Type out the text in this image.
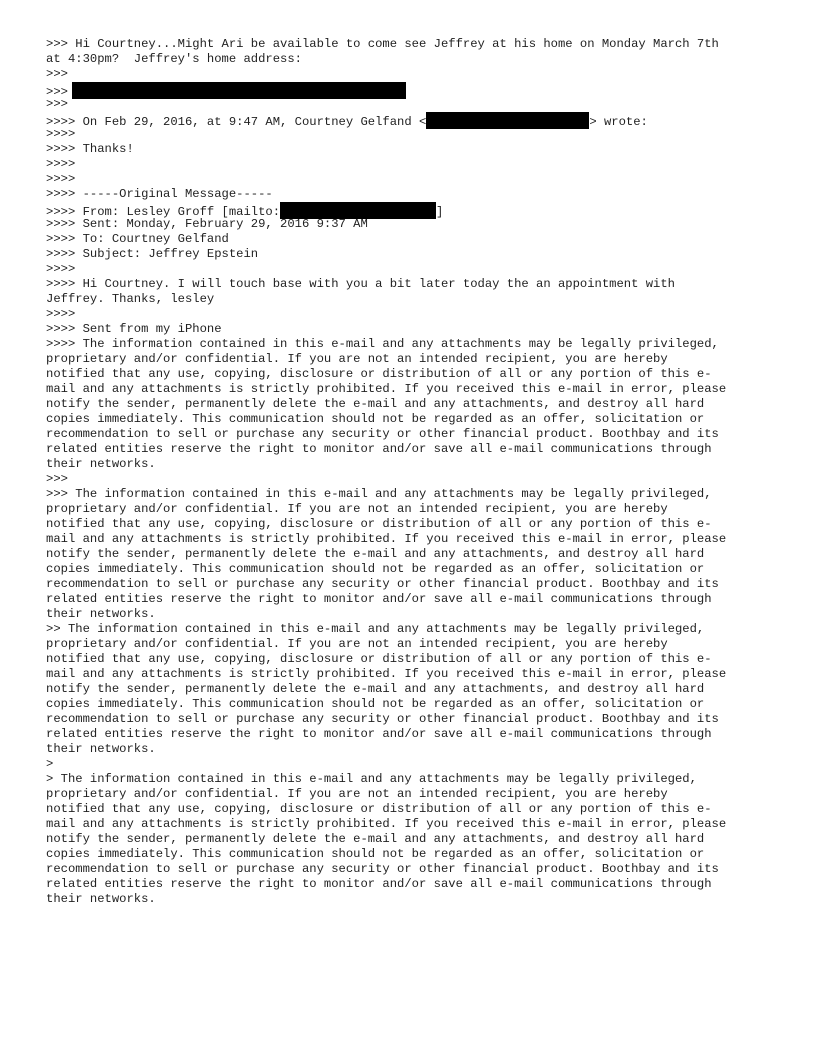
>>> Hi Courtney...Might Ari be available to come see Jeffrey at his home on Monday March 7th
at 4:30pm?  Jeffrey's home address:
>>>
>>>
>>>
>>>> On Feb 29, 2016, at 9:47 AM, Courtney Gelfand <	> wrote:
>>>>
>>>> Thanks!
>>>>
>>>>
>>>> -----Original Message-----
>>>> From: Lesley Groff [mailto:	]
>>>> Sent: Monday, February 29, 2016 9:37 AM
>>>> To: Courtney Gelfand
>>>> Subject: Jeffrey Epstein
>>>>
>>>> Hi Courtney. I will touch base with you a bit later today the an appointment with
Jeffrey. Thanks, lesley
>>>>
>>>> Sent from my iPhone
>>>> The information contained in this e-mail and any attachments may be legally privileged,
proprietary and/or confidential. If you are not an intended recipient, you are hereby
notified that any use, copying, disclosure or distribution of all or any portion of this e-
mail and any attachments is strictly prohibited. If you received this e-mail in error, please
notify the sender, permanently delete the e-mail and any attachments, and destroy all hard
copies immediately. This communication should not be regarded as an offer, solicitation or
recommendation to sell or purchase any security or other financial product. Boothbay and its
related entities reserve the right to monitor and/or save all e-mail communications through
their networks.
>>>
>>> The information contained in this e-mail and any attachments may be legally privileged,
proprietary and/or confidential. If you are not an intended recipient, you are hereby
notified that any use, copying, disclosure or distribution of all or any portion of this e-
mail and any attachments is strictly prohibited. If you received this e-mail in error, please
notify the sender, permanently delete the e-mail and any attachments, and destroy all hard
copies immediately. This communication should not be regarded as an offer, solicitation or
recommendation to sell or purchase any security or other financial product. Boothbay and its
related entities reserve the right to monitor and/or save all e-mail communications through
their networks.
>> The information contained in this e-mail and any attachments may be legally privileged,
proprietary and/or confidential. If you are not an intended recipient, you are hereby
notified that any use, copying, disclosure or distribution of all or any portion of this e-
mail and any attachments is strictly prohibited. If you received this e-mail in error, please
notify the sender, permanently delete the e-mail and any attachments, and destroy all hard
copies immediately. This communication should not be regarded as an offer, solicitation or
recommendation to sell or purchase any security or other financial product. Boothbay and its
related entities reserve the right to monitor and/or save all e-mail communications through
their networks.
>
> The information contained in this e-mail and any attachments may be legally privileged,
proprietary and/or confidential. If you are not an intended recipient, you are hereby
notified that any use, copying, disclosure or distribution of all or any portion of this e-
mail and any attachments is strictly prohibited. If you received this e-mail in error, please
notify the sender, permanently delete the e-mail and any attachments, and destroy all hard
copies immediately. This communication should not be regarded as an offer, solicitation or
recommendation to sell or purchase any security or other financial product. Boothbay and its
related entities reserve the right to monitor and/or save all e-mail communications through
their networks.
